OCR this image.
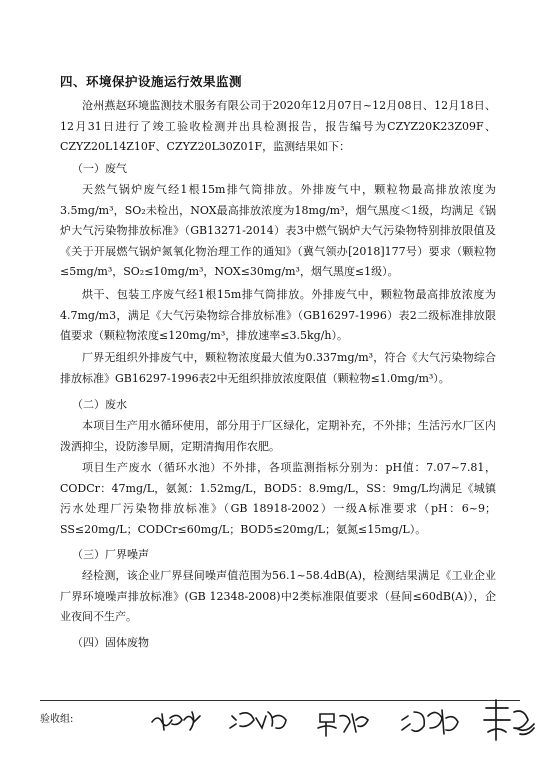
四、环境保护设施运行效果监测

沧州燕赵环境监测技术服务有限公司于2020年12月07日~12月08日、12月18日、12月31日进行了竣工验收检测并出具检测报告，报告编号为CZYZ20K23Z09F、CZYZ20L14Z10F、CZYZ20L30Z01F，监测结果如下：

（一）废气

天然气锅炉废气经1根15m排气筒排放。外排废气中，颗粒物最高排放浓度为3.5mg/m³，SO₂未检出，NOX最高排放浓度为18mg/m³，烟气黑度＜1级，均满足《锅炉大气污染物排放标准》（GB13271-2014）表3中燃气锅炉大气污染物特别排放限值及《关于开展燃气锅炉氮氧化物治理工作的通知》（冀气领办[2018]177号）要求（颗粒物≤5mg/m³，SO₂≤10mg/m³，NOX≤30mg/m³，烟气黑度≤1级）。

烘干、包装工序废气经1根15m排气筒排放。外排废气中，颗粒物最高排放浓度为4.7mg/m3，满足《大气污染物综合排放标准》（GB16297-1996）表2二级标准排放限值要求（颗粒物浓度≤120mg/m³，排放速率≤3.5kg/h）。

厂界无组织外排废气中，颗粒物浓度最大值为0.337mg/m³，符合《大气污染物综合排放标准》GB16297-1996表2中无组织排放浓度限值（颗粒物≤1.0mg/m³）。

（二）废水

本项目生产用水循环使用，部分用于厂区绿化，定期补充，不外排；生活污水厂区内泼洒抑尘，设防渗旱厕，定期清掏用作农肥。

项目生产废水（循环水池）不外排，各项监测指标分别为：pH值：7.07~7.81，CODCr：47mg/L，氨氮：1.52mg/L，BOD5：8.9mg/L，SS：9mg/L均满足《城镇污水处理厂污染物排放标准》（GB 18918-2002）一级A标准要求（pH：6~9；SS≤20mg/L；CODCr≤60mg/L；BOD5≤20mg/L；氨氮≤15mg/L）。

（三）厂界噪声

经检测，该企业厂界昼间噪声值范围为56.1~58.4dB(A)，检测结果满足《工业企业厂界环境噪声排放标准》(GB 12348-2008)中2类标准限值要求（昼间≤60dB(A)），企业夜间不生产。

（四）固体废物
验收组:
